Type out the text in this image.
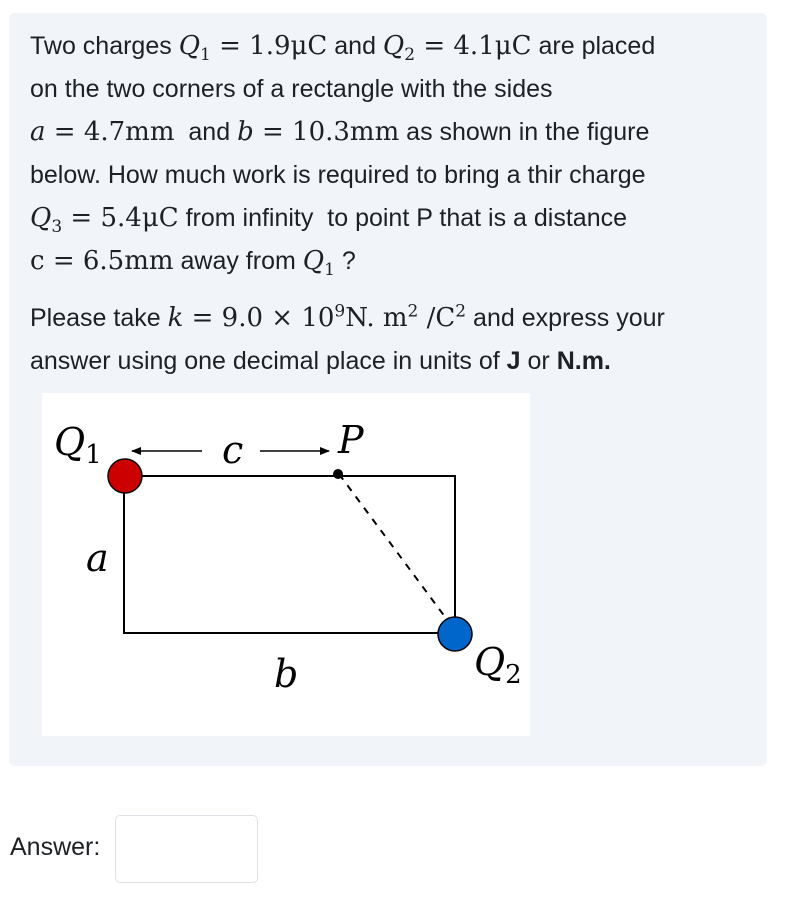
Two charges $Q_1 = 1.9\mu C$ and $Q_2 = 4.1\mu C$ are placed

on the two corners of a rectangle with the sides

a = 4.7mm  and b = 10.3mm as shown in the figure

below. How much work is required to bring a thir charge

$Q_3 = 5.4\mu C$ from infinity  to point P that is a distance

c = 6.5mm away from $Q_1$ ?

Please take $k = 9.0 \times 10^9N$. $m^2$ $/C^2$ and express your

answer using one decimal place in units of J or N.m.

$Q_1$	c P
a
b	$Q_2$
Answer:
